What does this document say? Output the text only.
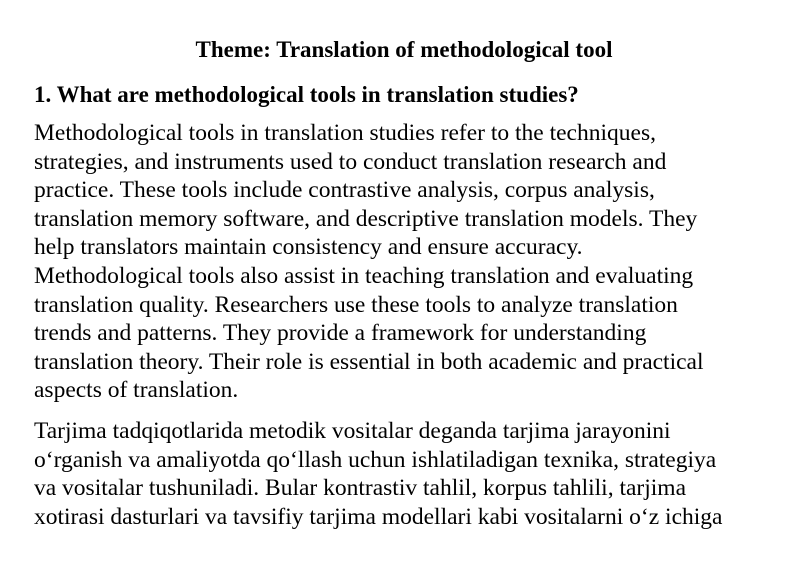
Theme: Translation of methodological tool
1. What are methodological tools in translation studies?

Methodological tools in translation studies refer to the techniques,
strategies, and instruments used to conduct translation research and
practice. These tools include contrastive analysis, corpus analysis,
translation memory software, and descriptive translation models. They
help translators maintain consistency and ensure accuracy.
Methodological tools also assist in teaching translation and evaluating
translation quality. Researchers use these tools to analyze translation
trends and patterns. They provide a framework for understanding
translation theory. Their role is essential in both academic and practical
aspects of translation.

Tarjima tadqiqotlarida metodik vositalar deganda tarjima jarayonini
o‘rganish va amaliyotda qo‘llash uchun ishlatiladigan texnika, strategiya
va vositalar tushuniladi. Bular kontrastiv tahlil, korpus tahlili, tarjima
xotirasi dasturlari va tavsifiy tarjima modellari kabi vositalarni o‘z ichiga
